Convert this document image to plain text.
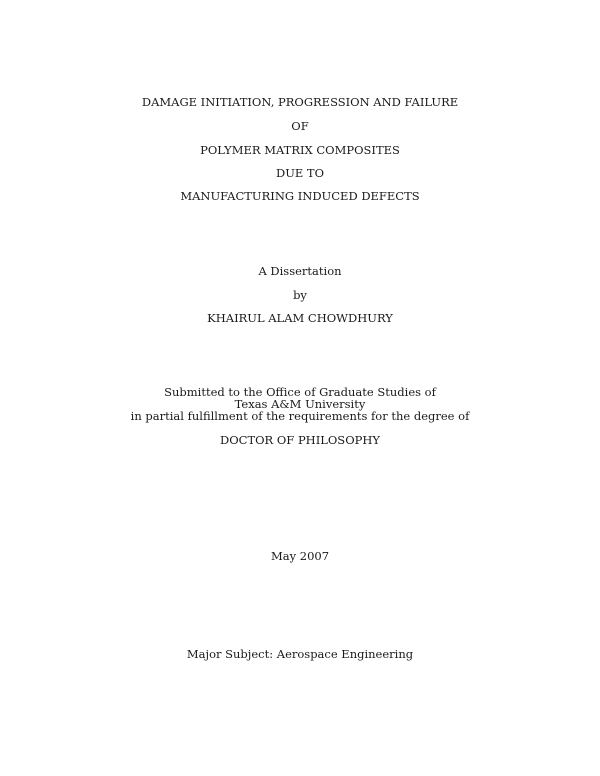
DAMAGE INITIATION, PROGRESSION AND FAILURE
OF
POLYMER MATRIX COMPOSITES
DUE TO
MANUFACTURING INDUCED DEFECTS
A Dissertation
by
KHAIRUL ALAM CHOWDHURY
Submitted to the Office of Graduate Studies of
Texas A&M University
in partial fulfillment of the requirements for the degree of
DOCTOR OF PHILOSOPHY
May 2007
Major Subject: Aerospace Engineering
